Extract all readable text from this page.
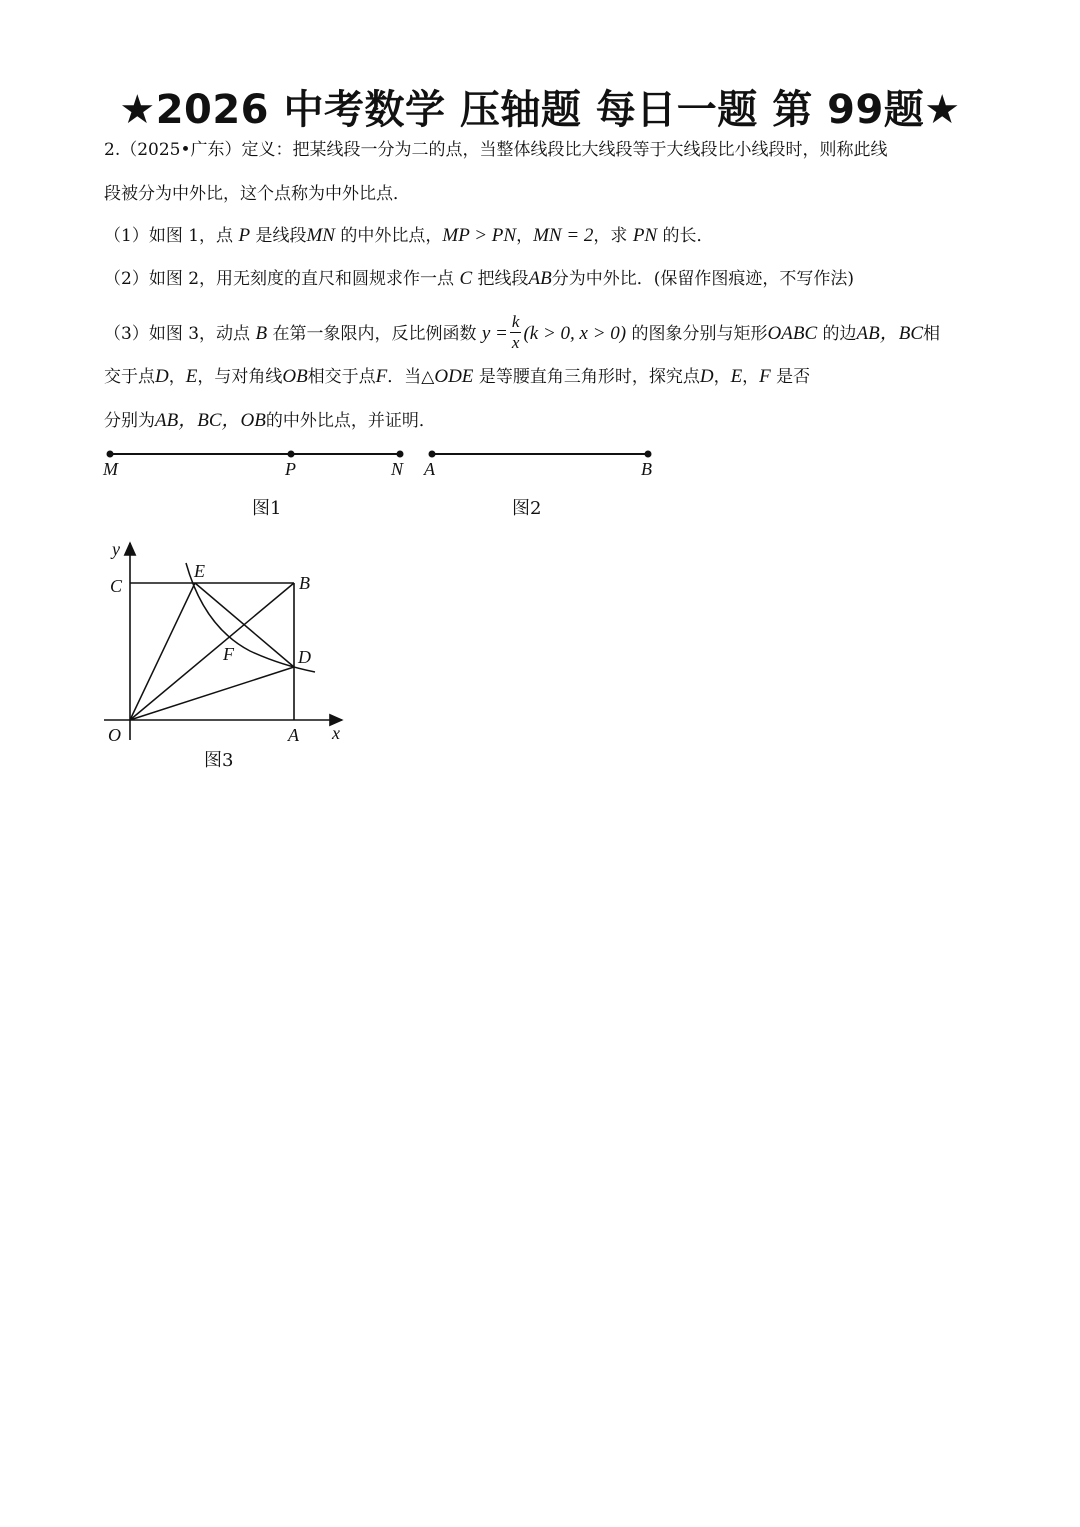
★2026 中考数学 压轴题 每日一题 第 99题★
2.（2025•广东）定义：把某线段一分为二的点，当整体线段比大线段等于大线段比小线段时，则称此线
段被分为中外比，这个点称为中外比点．
（1）如图 1，点 P 是线段MN 的中外比点，MP > PN，MN = 2，求 PN 的长．
（2）如图 2，用无刻度的直尺和圆规求作一点 C 把线段AB分为中外比．(保留作图痕迹，不写作法)
（3）如图 3，动点 B 在第一象限内，反比例函数 $y = \frac{k}{x} (k > 0$, x > 0) 的图象分别与矩形OABC 的边AB，BC相
交于点D，E，与对角线OB相交于点F．当△ODE 是等腰直角三角形时，探究点D，E，F 是否
分别为AB，BC，OB的中外比点，并证明．
M	P	N
图1
A	B
图2
y
x
O	A
B
C
D
E
F
图3
